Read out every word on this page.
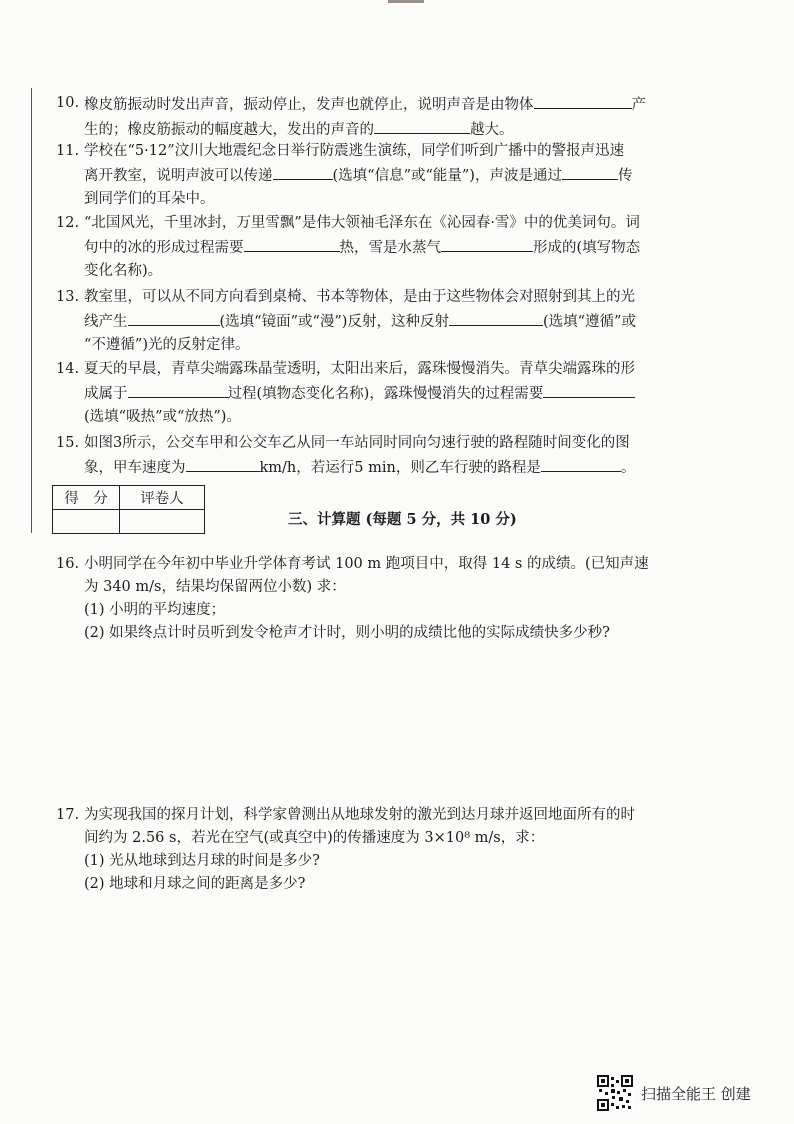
10. 橡皮筋振动时发出声音，振动停止，发声也就停止，说明声音是由物体	产
生的；橡皮筋振动的幅度越大，发出的声音的	越大。
11. 学校在“5·12”汶川大地震纪念日举行防震逃生演练，同学们听到广播中的警报声迅速
离开教室，说明声波可以传递	(选填“信息”或“能量”)，声波是通过	传
到同学们的耳朵中。
12. “北国风光，千里冰封，万里雪飘”是伟大领袖毛泽东在《沁园春·雪》中的优美词句。词
句中的冰的形成过程需要	热，雪是水蒸气	形成的(填写物态
变化名称)。
13. 教室里，可以从不同方向看到桌椅、书本等物体，是由于这些物体会对照射到其上的光
线产生	(选填“镜面”或“漫”)反射，这种反射	(选填“遵循”或
“不遵循”)光的反射定律。
14. 夏天的早晨，青草尖端露珠晶莹透明，太阳出来后，露珠慢慢消失。青草尖端露珠的形
成属于	过程(填物态变化名称)，露珠慢慢消失的过程需要
(选填“吸热”或“放热”)。
15. 如图3所示，公交车甲和公交车乙从同一车站同时同向匀速行驶的路程随时间变化的图
象，甲车速度为	km/h，若运行5 min，则乙车行驶的路程是	。
得　分	评卷人

三、计算题 (每题 5 分，共 10 分)
16. 小明同学在今年初中毕业升学体育考试 100 m 跑项目中，取得 14 s 的成绩。(已知声速
为 340 m/s，结果均保留两位小数) 求：
(1) 小明的平均速度；
(2) 如果终点计时员听到发令枪声才计时，则小明的成绩比他的实际成绩快多少秒?
17. 为实现我国的探月计划，科学家曾测出从地球发射的激光到达月球并返回地面所有的时
间约为 2.56 s，若光在空气(或真空中)的传播速度为 3×10⁸ m/s，求：
(1) 光从地球到达月球的时间是多少?
(2) 地球和月球之间的距离是多少?
扫描全能王 创建
